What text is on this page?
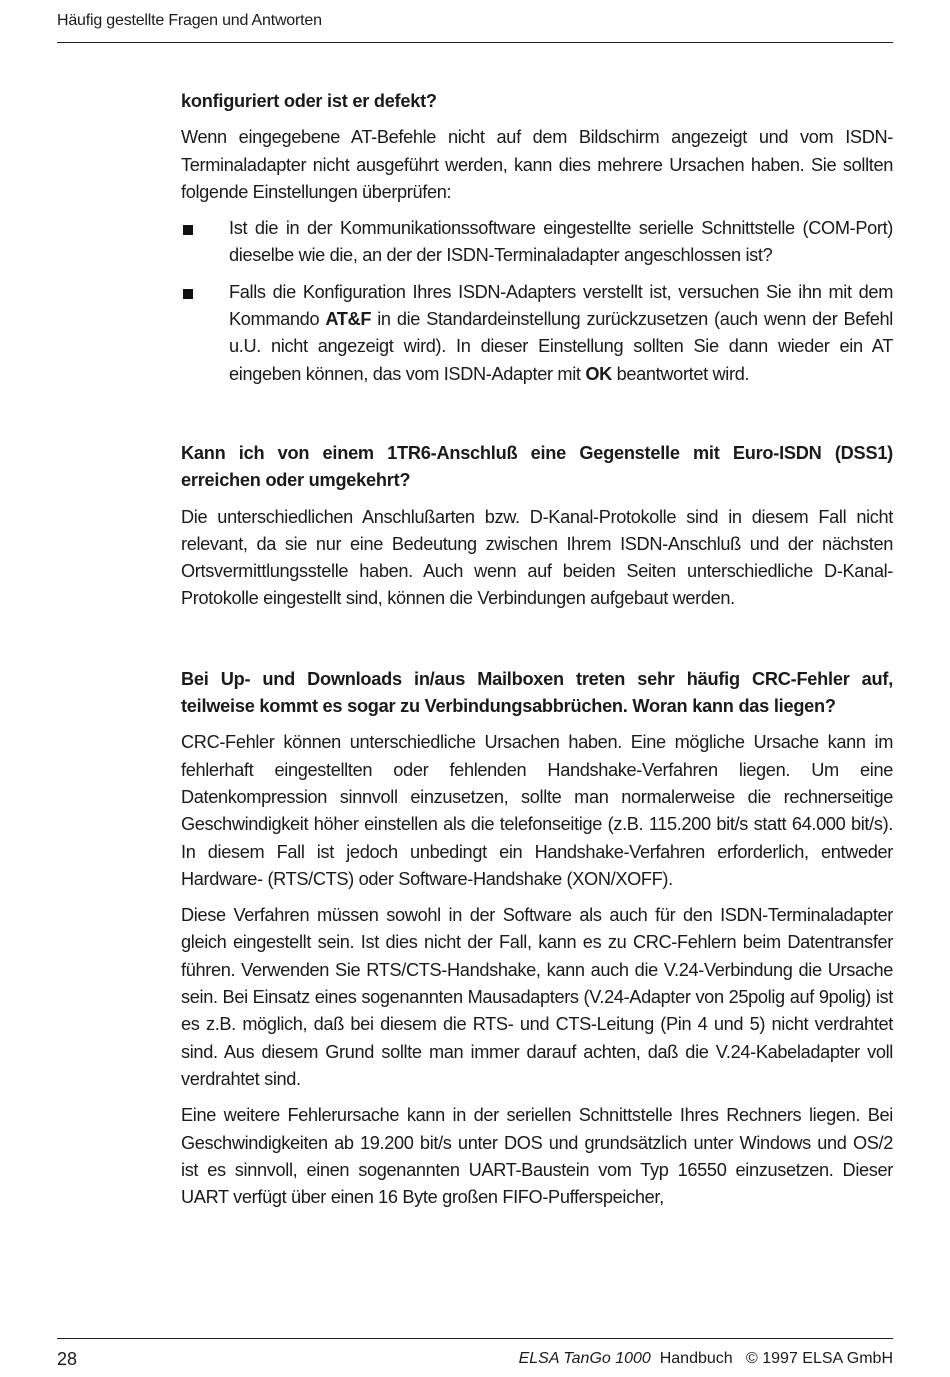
Häufig gestellte Fragen und Antworten

konfiguriert oder ist er defekt?

Wenn eingegebene AT-Befehle nicht auf dem Bildschirm angezeigt und vom ISDN-Terminaladapter nicht ausgeführt werden, kann dies mehrere Ursachen haben. Sie sollten folgende Einstellungen überprüfen:

Ist die in der Kommunikationssoftware eingestellte serielle Schnittstelle (COM-Port) dieselbe wie die, an der der ISDN-Terminaladapter angeschlossen ist?
Falls die Konfiguration Ihres ISDN-Adapters verstellt ist, versuchen Sie ihn mit dem Kommando AT&F in die Standardeinstellung zurückzusetzen (auch wenn der Befehl u.U. nicht angezeigt wird). In dieser Einstellung sollten Sie dann wieder ein AT eingeben können, das vom ISDN-Adapter mit OK beantwortet wird.

Kann ich von einem 1TR6-Anschluß eine Gegenstelle mit Euro-ISDN (DSS1) erreichen oder umgekehrt?

Die unterschiedlichen Anschlußarten bzw. D-Kanal-Protokolle sind in diesem Fall nicht relevant, da sie nur eine Bedeutung zwischen Ihrem ISDN-Anschluß und der nächsten Ortsvermittlungsstelle haben. Auch wenn auf beiden Seiten unterschiedliche D-Kanal-Protokolle eingestellt sind, können die Verbindungen aufgebaut werden.

Bei Up- und Downloads in/aus Mailboxen treten sehr häufig CRC-Fehler auf, teilweise kommt es sogar zu Verbindungsabbrüchen. Woran kann das liegen?

CRC-Fehler können unterschiedliche Ursachen haben. Eine mögliche Ursache kann im fehlerhaft eingestellten oder fehlenden Handshake-Verfahren liegen. Um eine Datenkompression sinnvoll einzusetzen, sollte man normalerweise die rechnerseitige Geschwindigkeit höher einstellen als die telefonseitige (z.B. 115.200 bit/s statt 64.000 bit/s). In diesem Fall ist jedoch unbedingt ein Handshake-Verfahren erforderlich, entweder Hardware- (RTS/CTS) oder Software-Handshake (XON/XOFF).

Diese Verfahren müssen sowohl in der Software als auch für den ISDN-Terminaladapter gleich eingestellt sein. Ist dies nicht der Fall, kann es zu CRC-Fehlern beim Datentransfer führen. Verwenden Sie RTS/CTS-Handshake, kann auch die V.24-Verbindung die Ursache sein. Bei Einsatz eines sogenannten Mausadapters (V.24-Adapter von 25polig auf 9polig) ist es z.B. möglich, daß bei diesem die RTS- und CTS-Leitung (Pin 4 und 5) nicht verdrahtet sind. Aus diesem Grund sollte man immer darauf achten, daß die V.24-Kabeladapter voll verdrahtet sind.

Eine weitere Fehlerursache kann in der seriellen Schnittstelle Ihres Rechners liegen. Bei Geschwindigkeiten ab 19.200 bit/s unter DOS und grundsätzlich unter Windows und OS/2 ist es sinnvoll, einen sogenannten UART-Baustein vom Typ 16550 einzusetzen. Dieser UART verfügt über einen 16 Byte großen FIFO-Pufferspeicher,

28	ELSA TanGo 1000 Handbuch © 1997 ELSA GmbH
